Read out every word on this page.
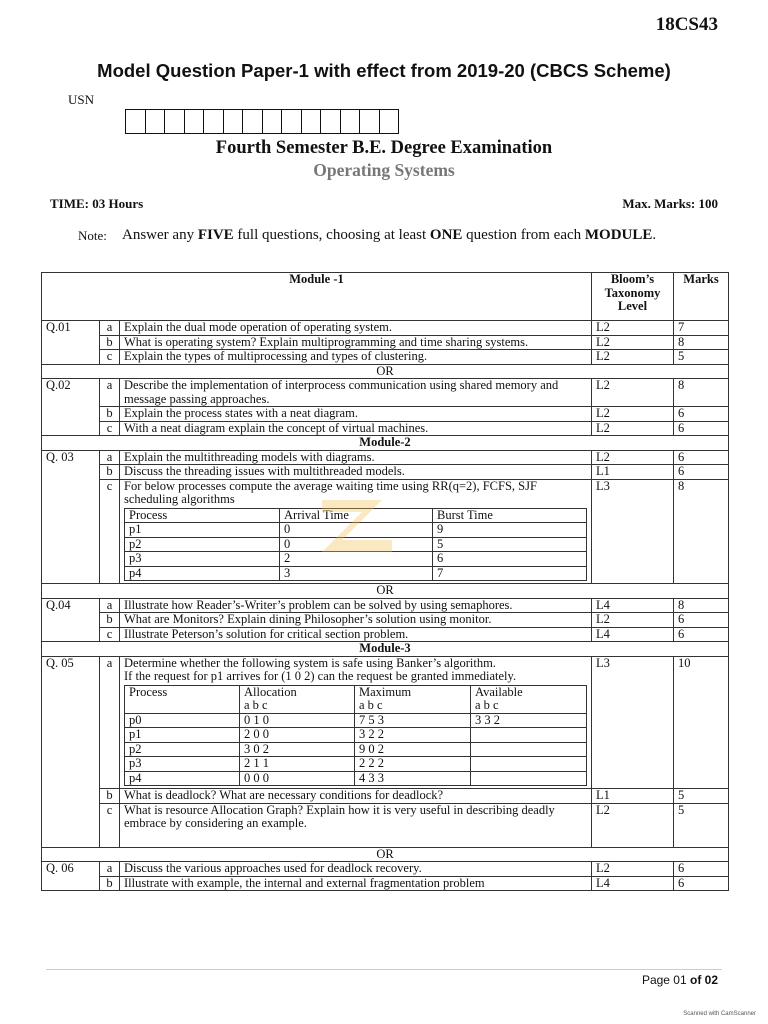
18CS43
Model Question Paper-1 with effect from 2019-20 (CBCS Scheme)
USN
Fourth Semester B.E. Degree Examination
Operating Systems
TIME: 03 Hours	Max. Marks: 100
Note: Answer any FIVE full questions, choosing at least ONE question from each MODULE.
Module -1	Bloom’s
Taxonomy
Level	Marks
Q.01	a	Explain the dual mode operation of operating system.	L2	7
b	What is operating system? Explain multiprogramming and time sharing systems.	L2	8
c	Explain the types of multiprocessing and types of clustering.	L2	5
OR
Q.02	a	Describe the implementation of interprocess communication using shared memory and message passing approaches.	L2	8
b	Explain the process states with a neat diagram.	L2	6
c	With a neat diagram explain the concept of virtual machines.	L2	6
Module-2
Q. 03	a	Explain the multithreading models with diagrams.	L2	6
b	Discuss the threading issues with multithreaded models.	L1	6
c	For below processes compute the average waiting time using RR(q=2), FCFS, SJF scheduling algorithms
Process	Arrival Time	Burst Time
p1	0	9
p2	0	5
p3	2	6
p4	3	7
	L3	8
OR
Q.04	a	Illustrate how Reader’s-Writer’s problem can be solved by using semaphores.	L4	8
b	What are Monitors? Explain dining Philosopher’s solution using monitor.	L2	6
c	Illustrate Peterson’s solution for critical section problem.	L4	6
Module-3
Q. 05	a	Determine whether the following system is safe using Banker’s algorithm.
If the request for p1 arrives for (1 0 2) can the request be granted immediately.
Process	Allocation	Maximum	Available
	a b c	a b c	a b c
p0	0 1 0	7 5 3	3 3 2
p1	2 0 0	3 2 2	
p2	3 0 2	9 0 2	
p3	2 1 1	2 2 2	
p4	0 0 0	4 3 3	
	L3	10
b	What is deadlock? What are necessary conditions for deadlock?	L1	5
c	What is resource Allocation Graph? Explain how it is very useful in describing deadly embrace by considering an example.	L2	5
OR
Q. 06	a	Discuss the various approaches used for deadlock recovery.	L2	6
b	Illustrate with example, the internal and external fragmentation problem	L4	6
Page 01 of 02
Scanned with CamScanner
